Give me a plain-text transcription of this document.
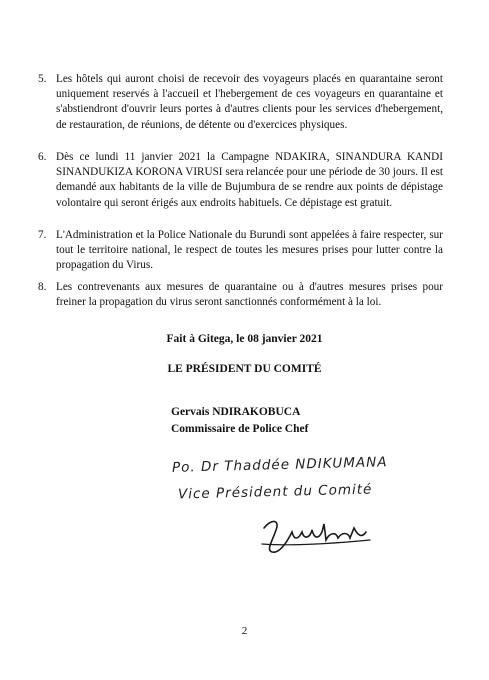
5. Les hôtels qui auront choisi de recevoir des voyageurs placés en quarantaine seront uniquement reservés à l'accueil et l'hebergement de ces voyageurs en quarantaine et s'abstiendront d'ouvrir leurs portes à d'autres clients pour les services d'hebergement, de restauration, de réunions, de détente ou d'exercices physiques.
6. Dès ce lundi 11 janvier 2021 la Campagne NDAKIRA, SINANDURA KANDI SINANDUKIZA KORONA VIRUSI sera relancée pour une période de 30 jours. Il est demandé aux habitants de la ville de Bujumbura de se rendre aux points de dépistage volontaire qui seront érigés aux endroits habituels. Ce dépistage est gratuit.
7. L'Administration et la Police Nationale du Burundi sont appelées à faire respecter, sur tout le territoire national, le respect de toutes les mesures prises pour lutter contre la propagation du Virus.
8. Les contrevenants aux mesures de quarantaine ou à d'autres mesures prises pour freiner la propagation du virus seront sanctionnés conformément à la loi.
Fait à Gitega, le 08 janvier 2021
LE PRÉSIDENT DU COMITÉ
Gervais NDIRAKOBUCA
Commissaire de Police Chef
Po. Dr Thaddée NDIKUMANA
Vice Président du Comité
2
